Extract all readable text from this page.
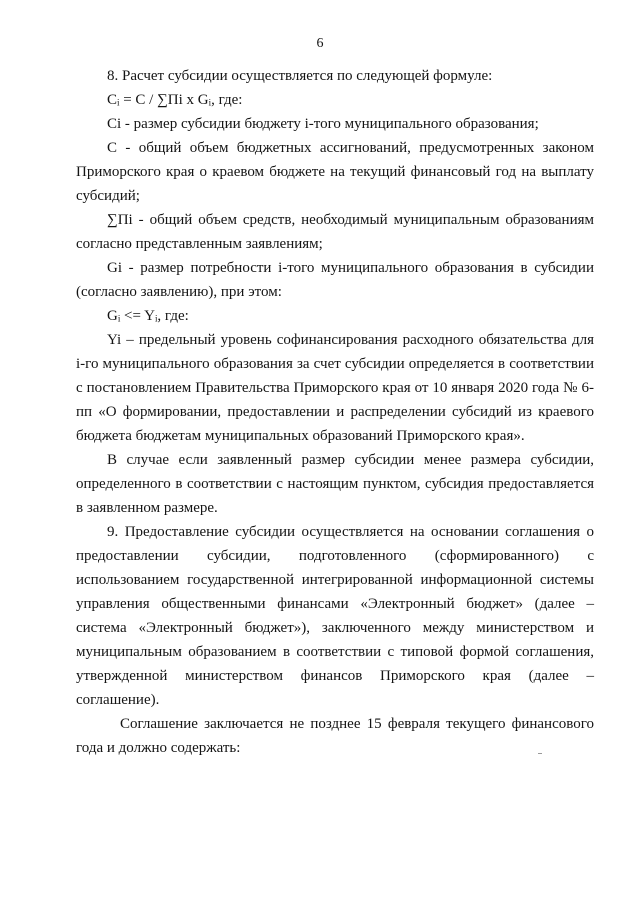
6

8. Расчет субсидии осуществляется по следующей формуле:

Cᵢ = C / ∑Пi x Gᵢ, где:

Ci - размер субсидии бюджету i-того муниципального образования;

С - общий объем бюджетных ассигнований, предусмотренных законом Приморского края о краевом бюджете на текущий финансовый год на выплату субсидий;

∑Пi - общий объем средств, необходимый муниципальным образованиям согласно представленным заявлениям;

Gi - размер потребности i-того муниципального образования в субсидии (согласно заявлению), при этом:

Gᵢ <= Yᵢ, где:

Yi – предельный уровень софинансирования расходного обязательства для i-го муниципального образования за счет субсидии определяется в соответствии с постановлением Правительства Приморского края от 10 января 2020 года № 6-пп «О формировании, предоставлении и распределении субсидий из краевого бюджета бюджетам муниципальных образований Приморского края».

В случае если заявленный размер субсидии менее размера субсидии, определенного в соответствии с настоящим пунктом, субсидия предоставляется в заявленном размере.

9. Предоставление субсидии осуществляется на основании соглашения о предоставлении субсидии, подготовленного (сформированного) с использованием государственной интегрированной информационной системы управления общественными финансами «Электронный бюджет» (далее – система «Электронный бюджет»), заключенного между министерством и муниципальным образованием в соответствии с типовой формой соглашения, утвержденной министерством финансов Приморского края (далее – соглашение).

Соглашение заключается не позднее 15 февраля текущего финансового года и должно содержать:
